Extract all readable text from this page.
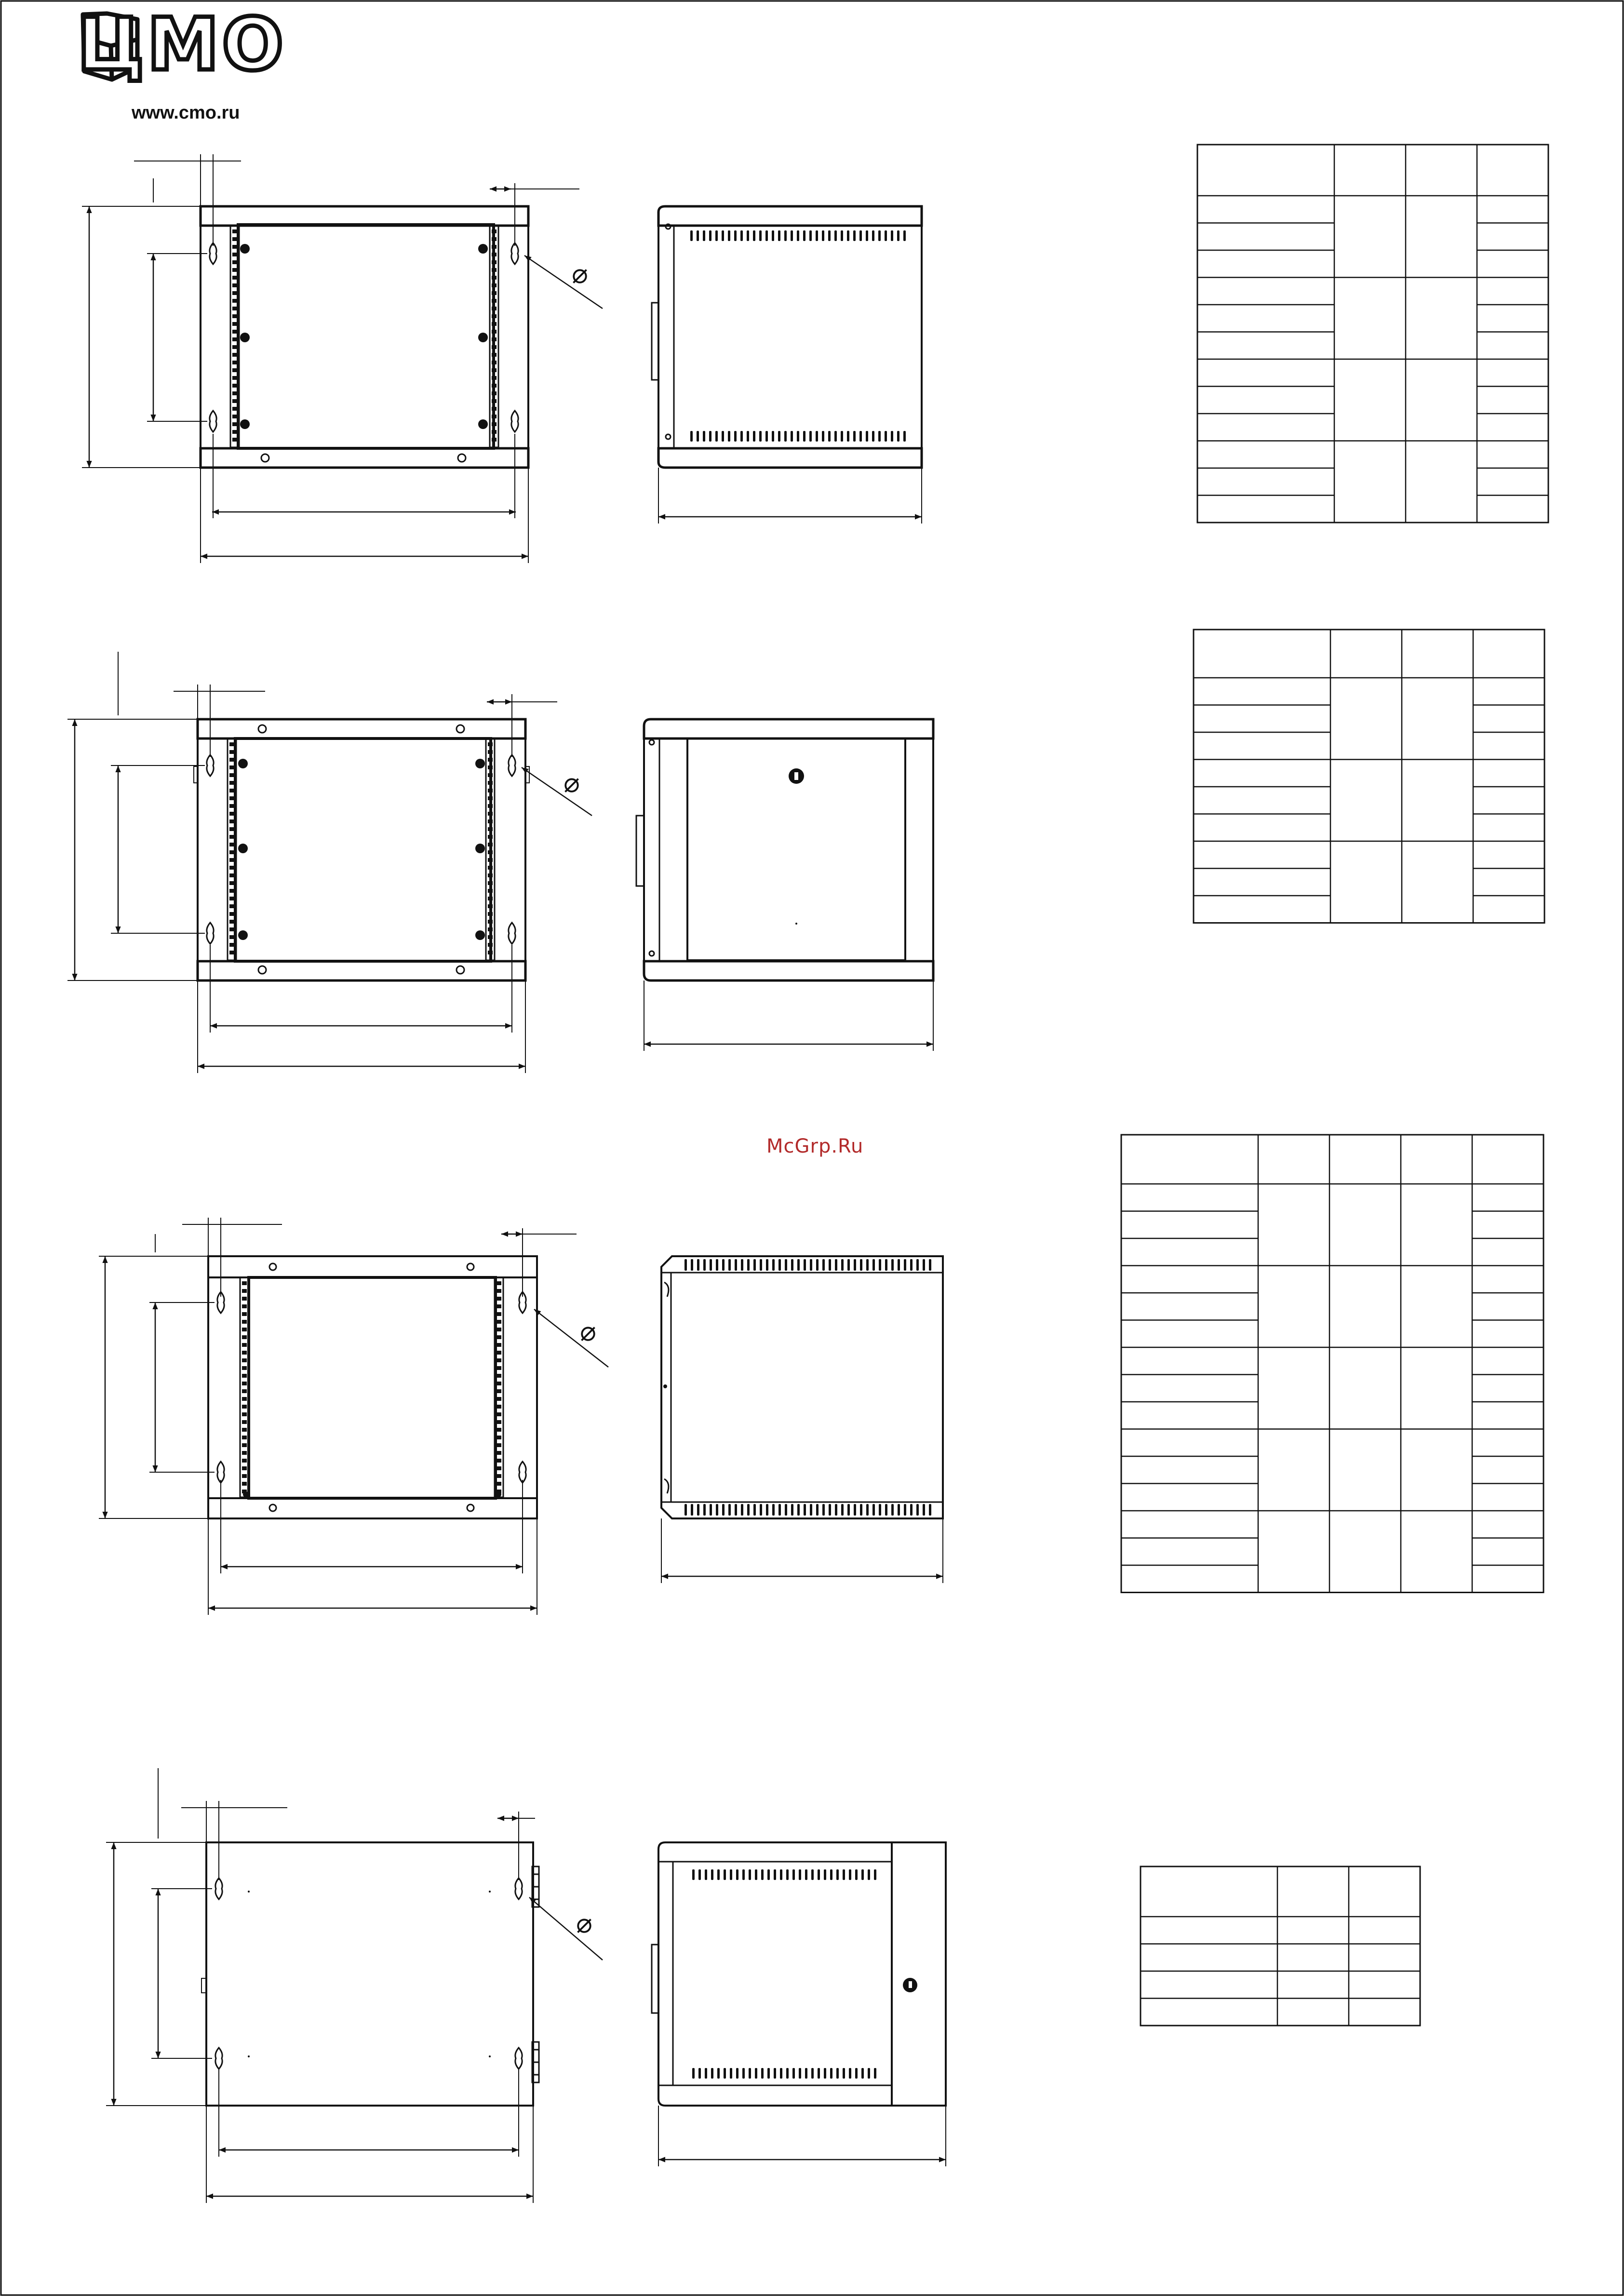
⌀
⌀
⌀
⌀
ЦМО
www.cmo.ru
McGrp.Ru
